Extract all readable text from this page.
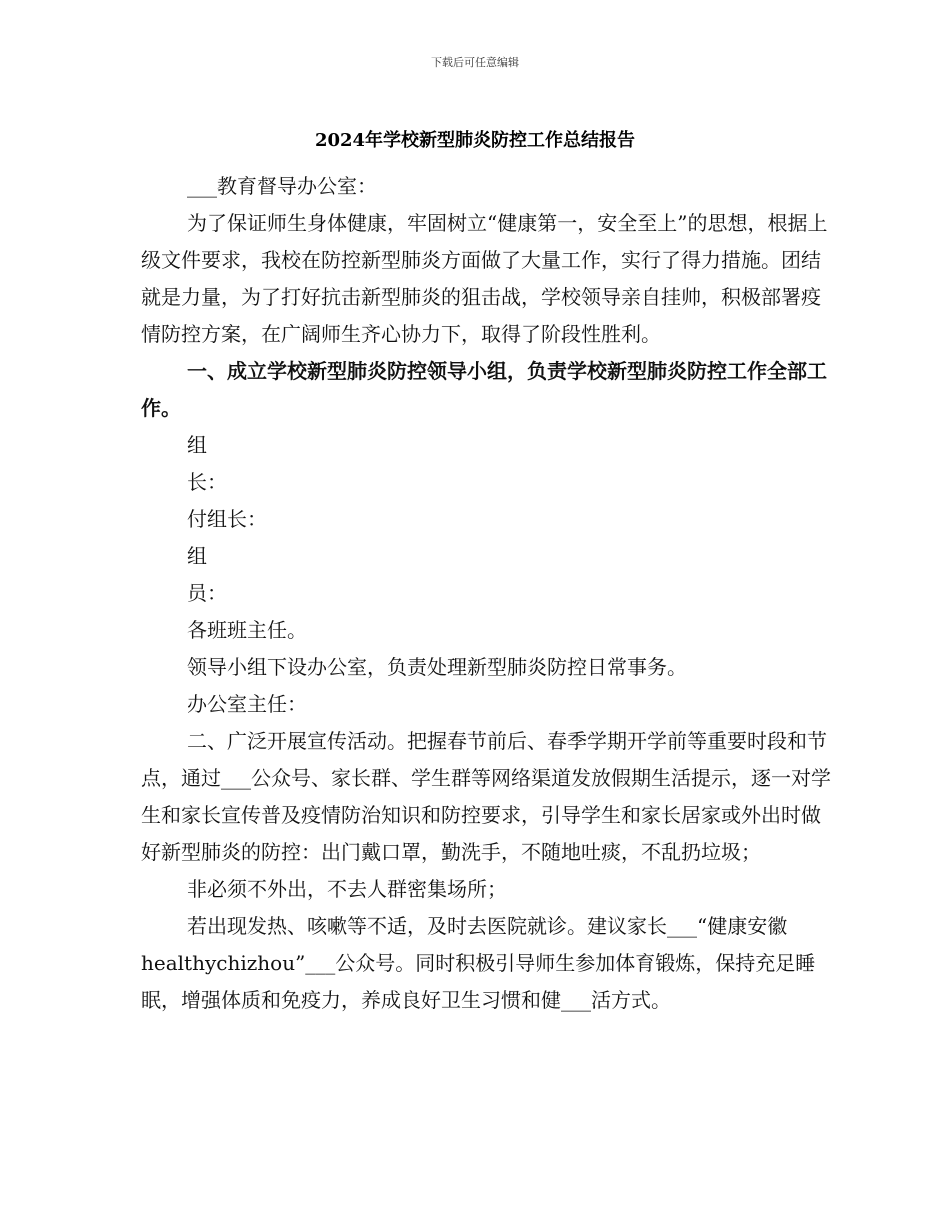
下载后可任意编辑
2024年学校新型肺炎防控工作总结报告

___教育督导办公室：

为了保证师生身体健康，牢固树立“健康第一，安全至上”的思想，根据上级文件要求，我校在防控新型肺炎方面做了大量工作，实行了得力措施。团结就是力量，为了打好抗击新型肺炎的狙击战，学校领导亲自挂帅，积极部署疫情防控方案，在广阔师生齐心协力下，取得了阶段性胜利。

一、成立学校新型肺炎防控领导小组，负责学校新型肺炎防控工作全部工作。

组

长：

付组长：

组

员：

各班班主任。

领导小组下设办公室，负责处理新型肺炎防控日常事务。

办公室主任：

二、广泛开展宣传活动。把握春节前后、春季学期开学前等重要时段和节点，通过___公众号、家长群、学生群等网络渠道发放假期生活提示，逐一对学生和家长宣传普及疫情防治知识和防控要求，引导学生和家长居家或外出时做好新型肺炎的防控：出门戴口罩，勤洗手，不随地吐痰，不乱扔垃圾；

非必须不外出，不去人群密集场所；

若出现发热、咳嗽等不适，及时去医院就诊。建议家长___“健康安徽healthychizhou”___公众号。同时积极引导师生参加体育锻炼，保持充足睡眠，增强体质和免疫力，养成良好卫生习惯和健___活方式。
